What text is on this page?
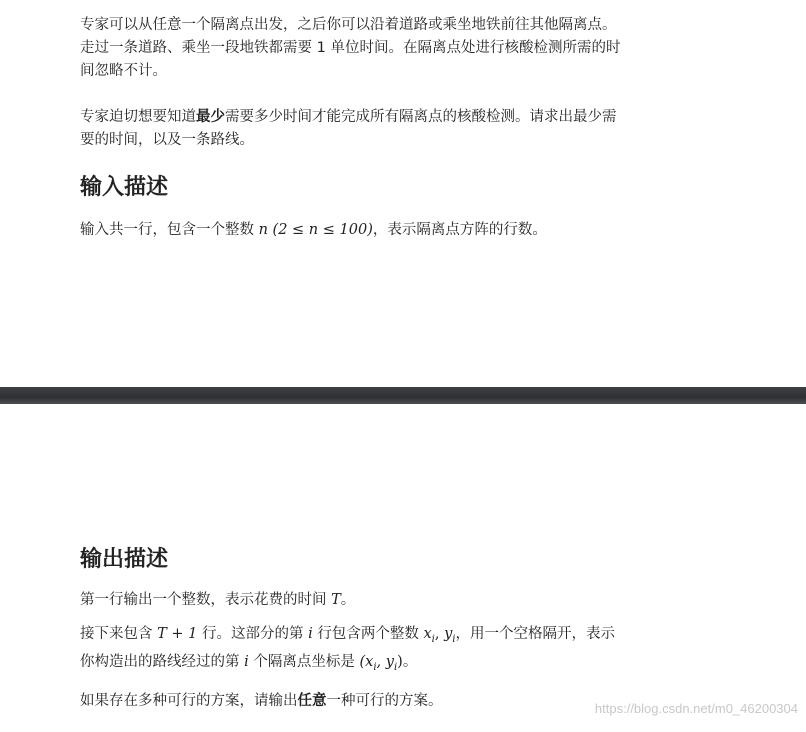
专家可以从任意一个隔离点出发，之后你可以沿着道路或乘坐地铁前往其他隔离点。

走过一条道路、乘坐一段地铁都需要 1 单位时间。在隔离点处进行核酸检测所需的时

间忽略不计。

专家迫切想要知道最少需要多少时间才能完成所有隔离点的核酸检测。请求出最少需

要的时间，以及一条路线。

输入描述

输入共一行，包含一个整数 n (2 ≤ n ≤ 100)，表示隔离点方阵的行数。

输出描述

第一行输出一个整数，表示花费的时间 T。

接下来包含 T + 1 行。这部分的第 i 行包含两个整数 $x_i$, $y_i$，用一个空格隔开，表示

你构造出的路线经过的第 i 个隔离点坐标是 ($x_i$, $y_i$)。

如果存在多种可行的方案，请输出任意一种可行的方案。	https://blog.csdn.net/m0_46200304
